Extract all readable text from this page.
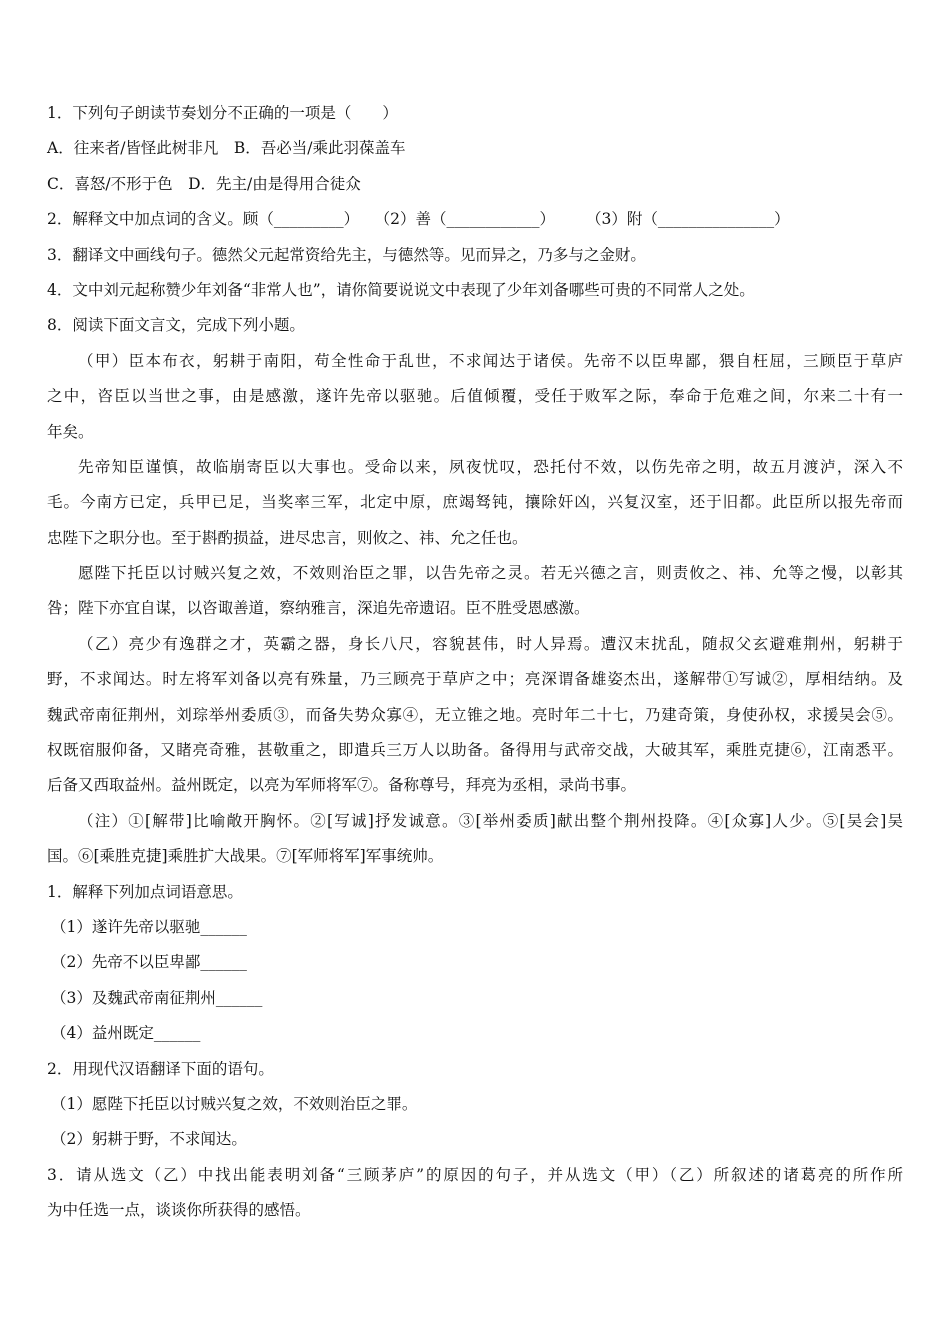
1．下列句子朗读节奏划分不正确的一项是（　　）
A．往来者/皆怪此树非凡　B．吾必当/乘此羽葆盖车
C．喜怒/不形于色　D．先主/由是得用合徒众
2．解释文中加点词的含义。顾（_________）　　（2）善（____________）　　　（3）附（_______________）
3．翻译文中画线句子。德然父元起常资给先主，与德然等。见而异之，乃多与之金财。
4．文中刘元起称赞少年刘备“非常人也”，请你简要说说文中表现了少年刘备哪些可贵的不同常人之处。
8．阅读下面文言文，完成下列小题。
（甲）臣本布衣，躬耕于南阳，苟全性命于乱世，不求闻达于诸侯。先帝不以臣卑鄙，猥自枉屈，三顾臣于草庐
之中，咨臣以当世之事，由是感激，遂许先帝以驱驰。后值倾覆，受任于败军之际，奉命于危难之间，尔来二十有一
年矣。
先帝知臣谨慎，故临崩寄臣以大事也。受命以来，夙夜忧叹，恐托付不效，以伤先帝之明，故五月渡泸，深入不
毛。今南方已定，兵甲已足，当奖率三军，北定中原，庶竭驽钝，攘除奸凶，兴复汉室，还于旧都。此臣所以报先帝而
忠陛下之职分也。至于斟酌损益，进尽忠言，则攸之、祎、允之任也。
愿陛下托臣以讨贼兴复之效，不效则治臣之罪，以告先帝之灵。若无兴德之言，则责攸之、祎、允等之慢，以彰其
咎；陛下亦宜自谋，以咨诹善道，察纳雅言，深追先帝遗诏。臣不胜受恩感激。
（乙）亮少有逸群之才，英霸之器，身长八尺，容貌甚伟，时人异焉。遭汉末扰乱，随叔父玄避难荆州，躬耕于
野，不求闻达。时左将军刘备以亮有殊量，乃三顾亮于草庐之中；亮深谓备雄姿杰出，遂解带①写诚②，厚相结纳。及
魏武帝南征荆州，刘琮举州委质③，而备失势众寡④，无立锥之地。亮时年二十七，乃建奇策，身使孙权，求援吴会⑤。
权既宿服仰备，又睹亮奇雅，甚敬重之，即遣兵三万人以助备。备得用与武帝交战，大破其军，乘胜克捷⑥，江南悉平。
后备又西取益州。益州既定，以亮为军师将军⑦。备称尊号，拜亮为丞相，录尚书事。
（注）①[解带]比喻敞开胸怀。②[写诚]抒发诚意。③[举州委质]献出整个荆州投降。④[众寡]人少。⑤[吴会]吴
国。⑥[乘胜克捷]乘胜扩大战果。⑦[军师将军]军事统帅。
1．解释下列加点词语意思。
（1）遂许先帝以驱驰______
（2）先帝不以臣卑鄙______
（3）及魏武帝南征荆州______
（4）益州既定______
2．用现代汉语翻译下面的语句。
（1）愿陛下托臣以讨贼兴复之效，不效则治臣之罪。
（2）躬耕于野，不求闻达。
3．请从选文（乙）中找出能表明刘备“三顾茅庐”的原因的句子，并从选文（甲）（乙）所叙述的诸葛亮的所作所
为中任选一点，谈谈你所获得的感悟。
